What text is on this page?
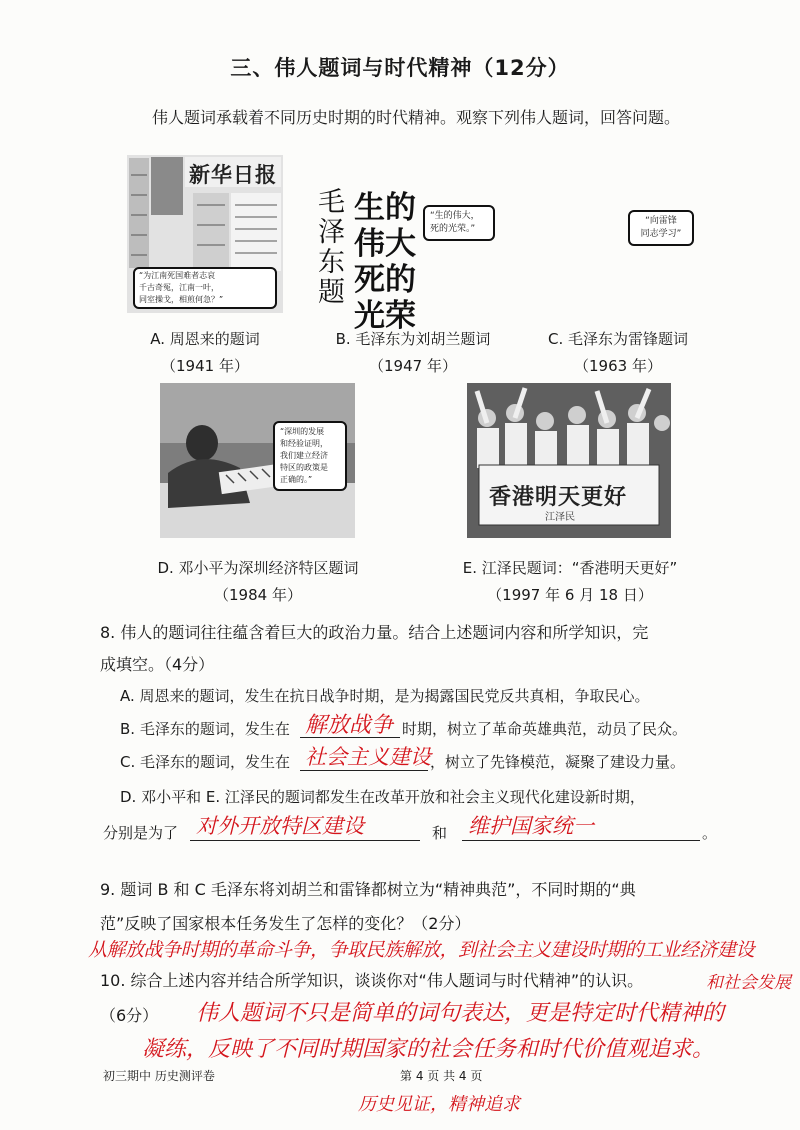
三、伟人题词与时代精神（12分）
伟人题词承载着不同历史时期的时代精神。观察下列伟人题词，回答问题。
新华日报
“为江南死国难者志哀
千古奇冤，江南一叶，
同室操戈，相煎何急？”
A. 周恩来的题词
（1941 年）
毛泽东题
生的伟大 死的光荣
“生的伟大，
死的光荣。”
B. 毛泽东为刘胡兰题词
（1947 年）
“向雷锋
同志学习”
C. 毛泽东为雷锋题词
（1963 年）
“深圳的发展
和经验证明，
我们建立经济
特区的政策是
正确的。”
D. 邓小平为深圳经济特区题词
（1984 年）
香港明天更好
江泽民
E. 江泽民题词：“香港明天更好”
（1997 年 6 月 18 日）
8. 伟人的题词往往蕴含着巨大的政治力量。结合上述题词内容和所学知识，完
成填空。（4分）
A. 周恩来的题词，发生在抗日战争时期，是为揭露国民党反共真相，争取民心。
B. 毛泽东的题词，发生在 解放战争 时期，树立了革命英雄典范，动员了民众。
C. 毛泽东的题词，发生在 社会主义建设 ，树立了先锋模范，凝聚了建设力量。
D. 邓小平和 E. 江泽民的题词都发生在改革开放和社会主义现代化建设新时期，
分别是为了 对外开放特区建设	和 维护国家统一	。
9. 题词 B 和 C 毛泽东将刘胡兰和雷锋都树立为“精神典范”，不同时期的“典
范”反映了国家根本任务发生了怎样的变化？（2分）
从解放战争时期的革命斗争，争取民族解放，到社会主义建设时期的工业经济建设
10. 综合上述内容并结合所学知识，谈谈你对“伟人题词与时代精神”的认识。	和社会发展
（6分） 伟人题词不只是简单的词句表达，更是特定时代精神的
凝练，反映了不同时期国家的社会任务和时代价值观追求。
历史见证，精神追求
初三期中 历史测评卷	第 4 页 共 4 页
